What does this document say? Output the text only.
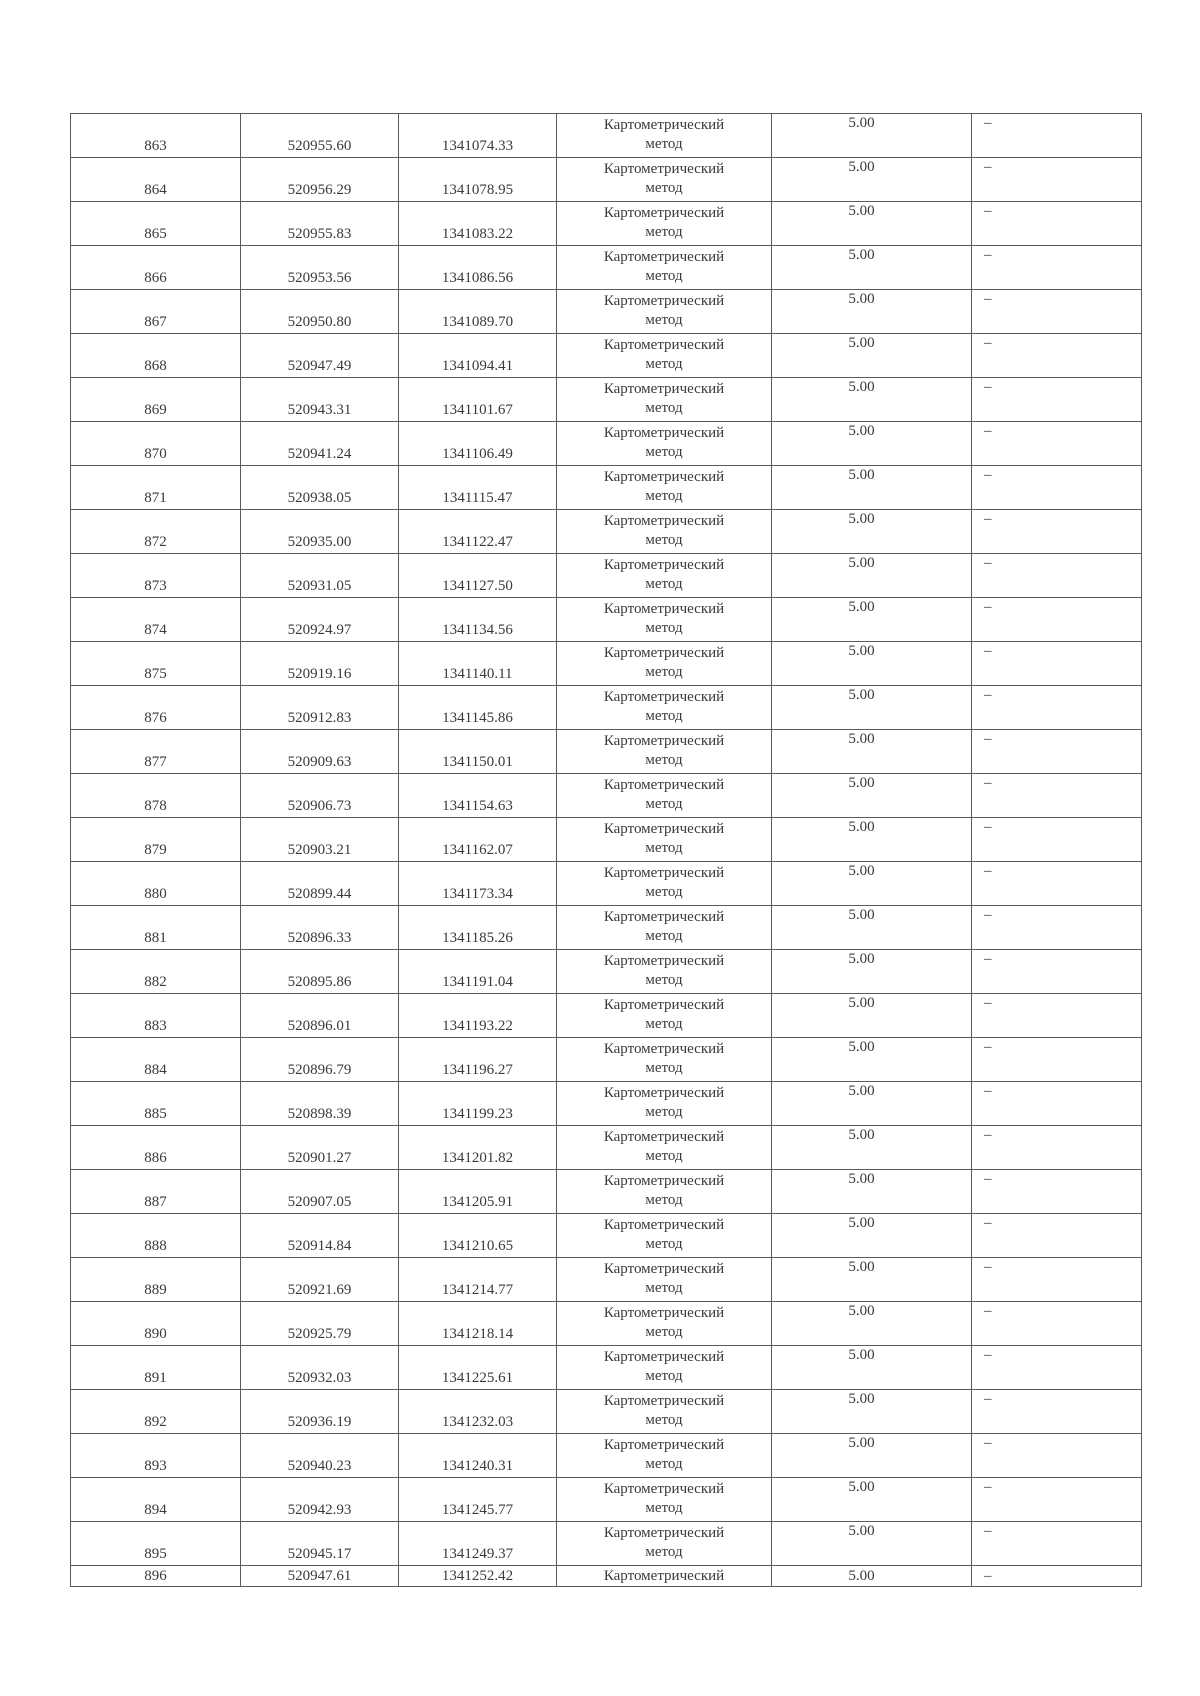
863	520955.60	1341074.33	Картометрический
метод	5.00	–
864	520956.29	1341078.95	Картометрический
метод	5.00	–
865	520955.83	1341083.22	Картометрический
метод	5.00	–
866	520953.56	1341086.56	Картометрический
метод	5.00	–
867	520950.80	1341089.70	Картометрический
метод	5.00	–
868	520947.49	1341094.41	Картометрический
метод	5.00	–
869	520943.31	1341101.67	Картометрический
метод	5.00	–
870	520941.24	1341106.49	Картометрический
метод	5.00	–
871	520938.05	1341115.47	Картометрический
метод	5.00	–
872	520935.00	1341122.47	Картометрический
метод	5.00	–
873	520931.05	1341127.50	Картометрический
метод	5.00	–
874	520924.97	1341134.56	Картометрический
метод	5.00	–
875	520919.16	1341140.11	Картометрический
метод	5.00	–
876	520912.83	1341145.86	Картометрический
метод	5.00	–
877	520909.63	1341150.01	Картометрический
метод	5.00	–
878	520906.73	1341154.63	Картометрический
метод	5.00	–
879	520903.21	1341162.07	Картометрический
метод	5.00	–
880	520899.44	1341173.34	Картометрический
метод	5.00	–
881	520896.33	1341185.26	Картометрический
метод	5.00	–
882	520895.86	1341191.04	Картометрический
метод	5.00	–
883	520896.01	1341193.22	Картометрический
метод	5.00	–
884	520896.79	1341196.27	Картометрический
метод	5.00	–
885	520898.39	1341199.23	Картометрический
метод	5.00	–
886	520901.27	1341201.82	Картометрический
метод	5.00	–
887	520907.05	1341205.91	Картометрический
метод	5.00	–
888	520914.84	1341210.65	Картометрический
метод	5.00	–
889	520921.69	1341214.77	Картометрический
метод	5.00	–
890	520925.79	1341218.14	Картометрический
метод	5.00	–
891	520932.03	1341225.61	Картометрический
метод	5.00	–
892	520936.19	1341232.03	Картометрический
метод	5.00	–
893	520940.23	1341240.31	Картометрический
метод	5.00	–
894	520942.93	1341245.77	Картометрический
метод	5.00	–
895	520945.17	1341249.37	Картометрический
метод	5.00	–
896	520947.61	1341252.42	Картометрический	5.00	–
